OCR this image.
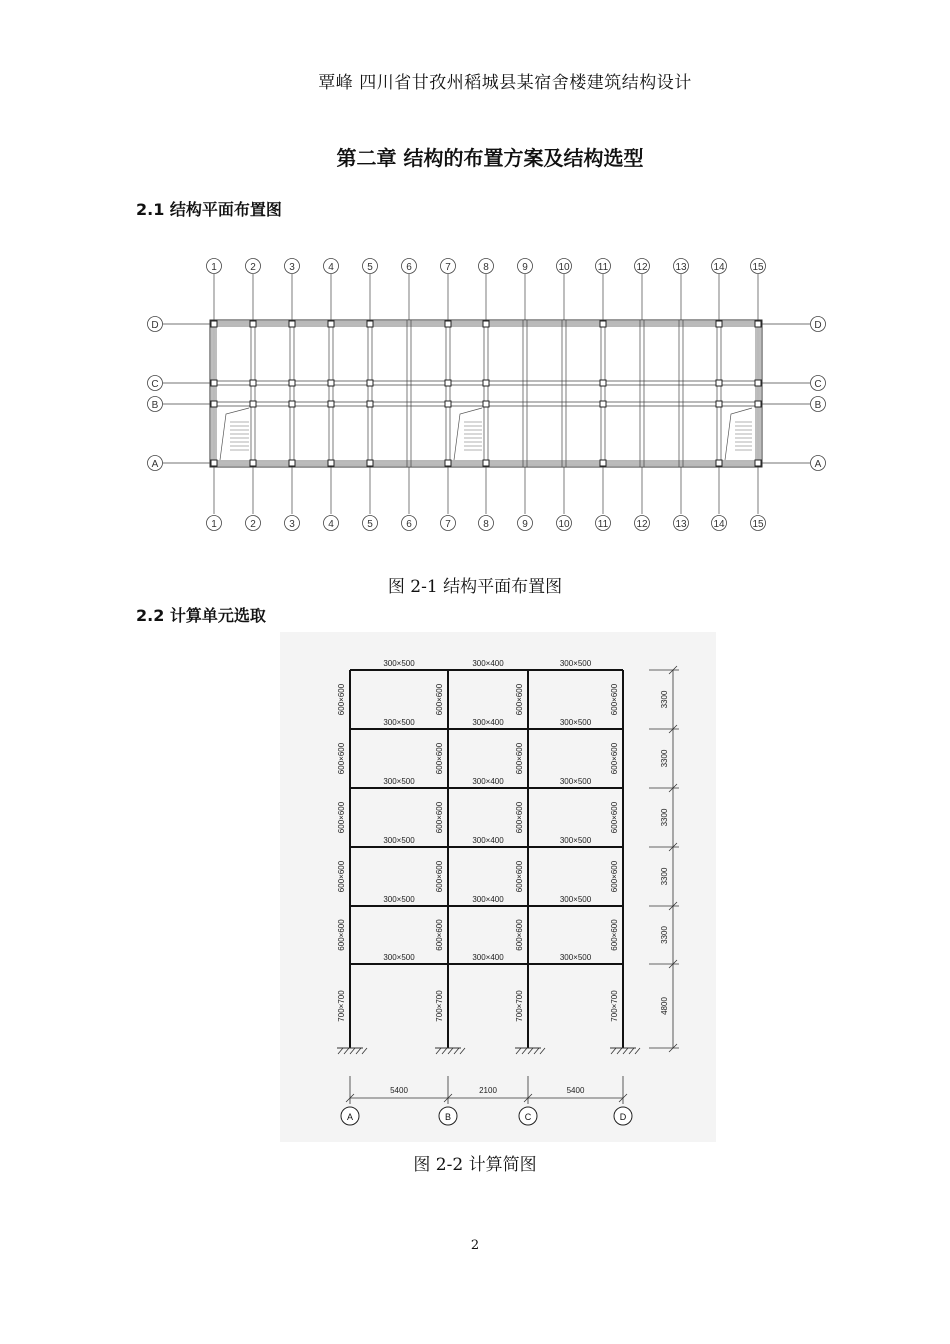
覃峰 四川省甘孜州稻城县某宿舍楼建筑结构设计
第二章 结构的布置方案及结构选型
2.1 结构平面布置图
1
1
2
2
3
3
4
4
5
5
6
6
7
7
8
8
9
9
10
10
11
11
12
12
13
13
14
14
15
15
D	D
C	C
B	B
A	A
图 2-1 结构平面布置图
2.2 计算单元选取
300×500	300×400	300×500
300×500	300×400	300×500
300×500	300×400	300×500
300×500	300×400	300×500
300×500	300×400	300×500
300×500	300×400	300×500
600×600	600×600	600×600	600×600
600×600	600×600	600×600	600×600
600×600	600×600	600×600	600×600
600×600	600×600	600×600	600×600
600×600	600×600	600×600	600×600
700×700	700×700	700×700	700×700
3300
3300
3300
3300
3300
4800
5400	2100	5400
A	B	C	D
图 2-2 计算简图
2
